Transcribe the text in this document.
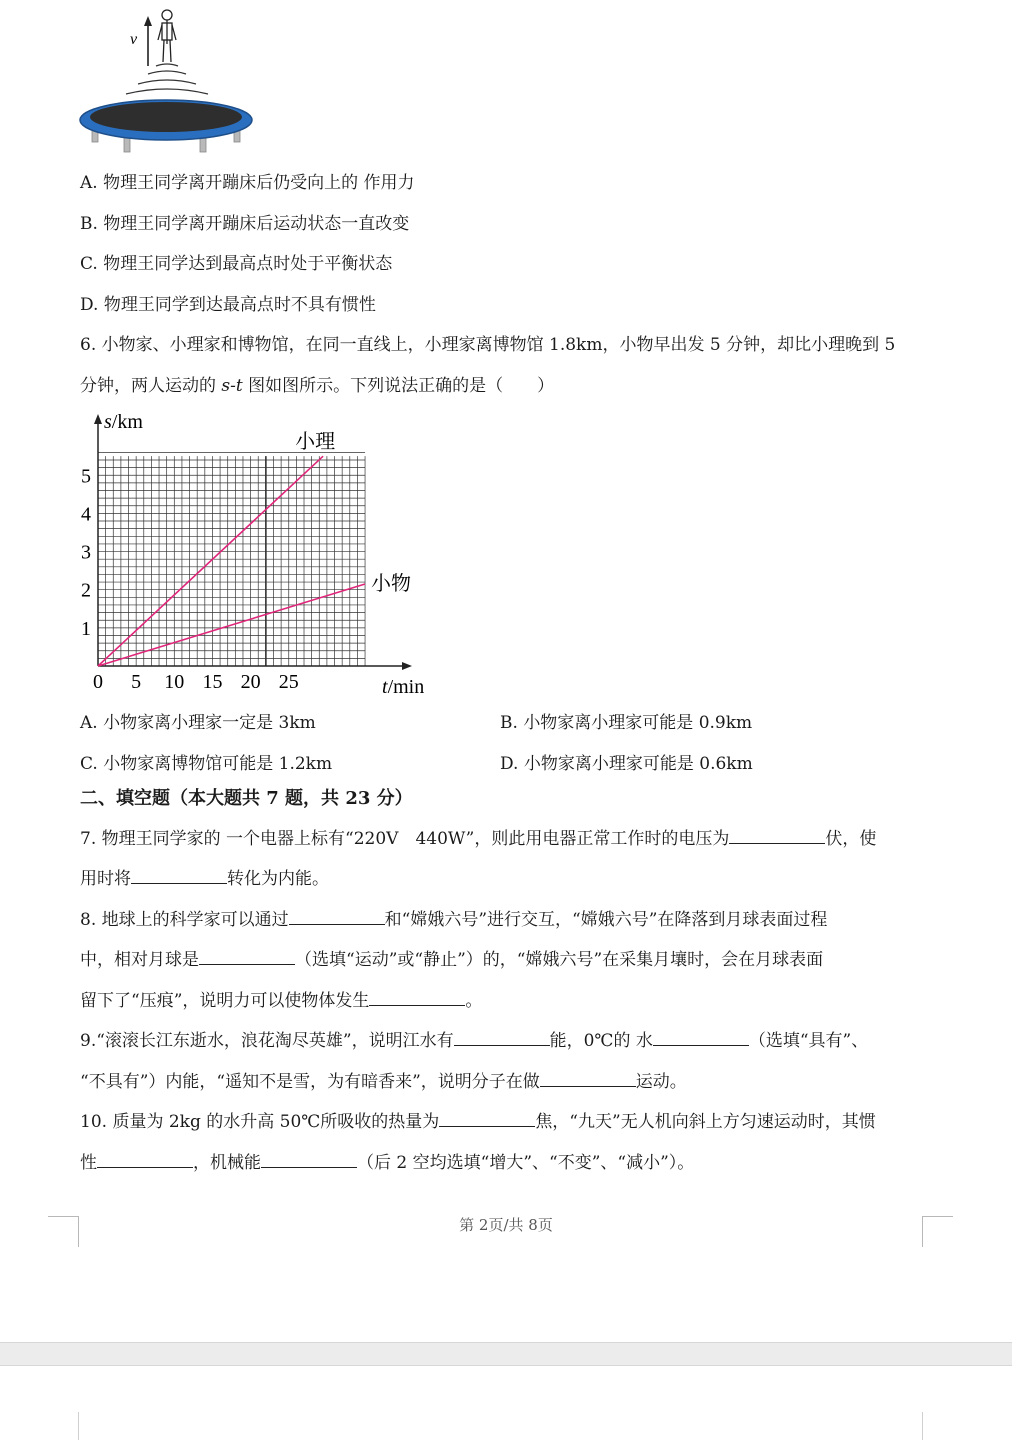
v
A. 物理王同学离开蹦床后仍受向上的 作用力
B. 物理王同学离开蹦床后运动状态一直改变
C. 物理王同学达到最高点时处于平衡状态
D. 物理王同学到达最高点时不具有惯性
6. 小物家、小理家和博物馆，在同一直线上，小理家离博物馆 1.8km，小物早出发 5 分钟，却比小理晚到 5
分钟，两人运动的 s-t 图如图所示。下列说法正确的是（　　）
s/km
t/min
0 5 10 15 20 25
1
2
3
4
5
小理
小物
A. 小物家离小理家一定是 3km	B. 小物家离小理家可能是 0.9km
C. 小物家离博物馆可能是 1.2km	D. 小物家离小理家可能是 0.6km
二、填空题（本大题共 7 题，共 23 分）
7. 物理王同学家的 一个电器上标有“220V　440W”，则此用电器正常工作时的电压为	伏，使
用时将	转化为内能。
8. 地球上的科学家可以通过	和“嫦娥六号”进行交互，“嫦娥六号”在降落到月球表面过程
中，相对月球是	（选填“运动”或“静止”）的，“嫦娥六号”在采集月壤时，会在月球表面
留下了“压痕”，说明力可以使物体发生	。
9.“滚滚长江东逝水，浪花淘尽英雄”，说明江水有	能，0℃的 水	（选填“具有”、
“不具有”）内能，“遥知不是雪，为有暗香来”，说明分子在做	运动。
10. 质量为 2kg 的水升高 50℃所吸收的热量为	焦，“九天”无人机向斜上方匀速运动时，其惯
性	，机械能	（后 2 空均选填“增大”、“不变”、“减小”）。
第 2页/共 8页
